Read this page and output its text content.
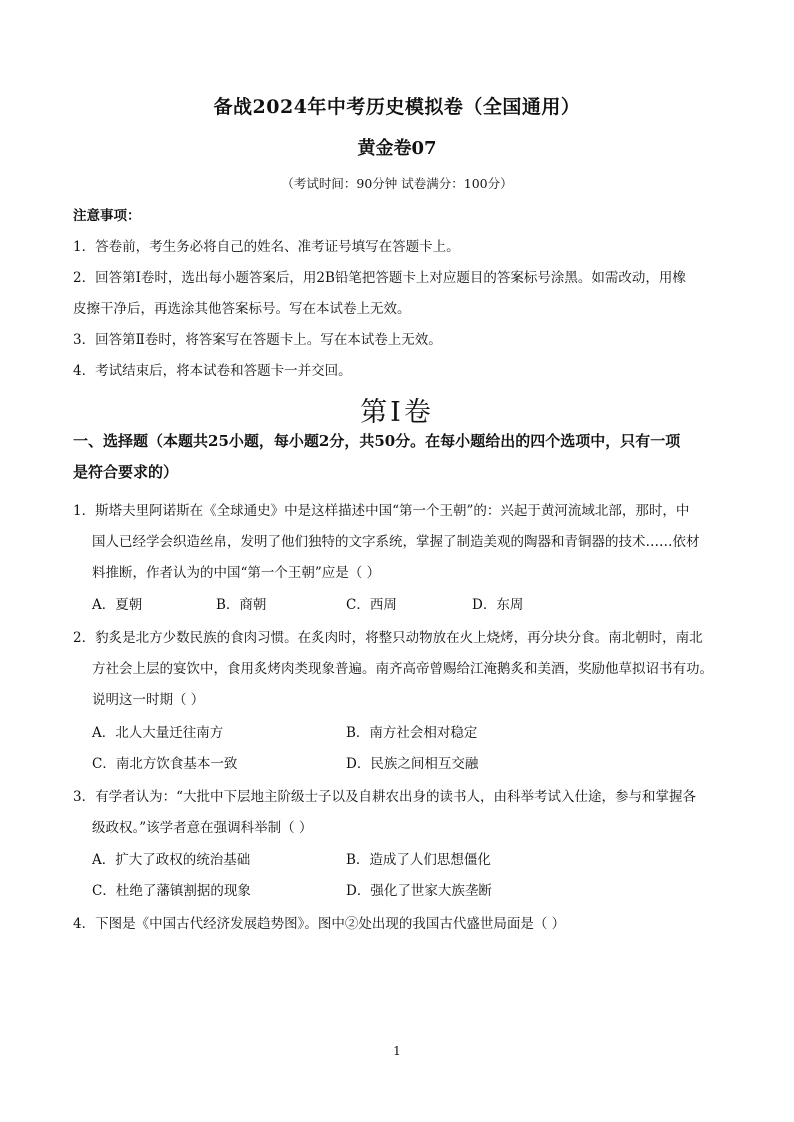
备战2024年中考历史模拟卷（全国通用）
黄金卷07
（考试时间：90分钟 试卷满分：100分）
注意事项：
1．答卷前，考生务必将自己的姓名、准考证号填写在答题卡上。
2．回答第Ⅰ卷时，选出每小题答案后，用2B铅笔把答题卡上对应题目的答案标号涂黑。如需改动，用橡
皮擦干净后，再选涂其他答案标号。写在本试卷上无效。
3．回答第Ⅱ卷时，将答案写在答题卡上。写在本试卷上无效。
4．考试结束后，将本试卷和答题卡一并交回。
第Ⅰ卷
一、选择题（本题共25小题，每小题2分，共50分。在每小题给出的四个选项中，只有一项
是符合要求的）
1．斯塔夫里阿诺斯在《全球通史》中是这样描述中国“第一个王朝”的：兴起于黄河流域北部，那时，中
国人已经学会织造丝帛，发明了他们独特的文字系统，掌握了制造美观的陶器和青铜器的技术……依材
料推断，作者认为的中国“第一个王朝”应是（ ）
A．夏朝	B．商朝	C．西周	D．东周
2．豹炙是北方少数民族的食肉习惯。在炙肉时，将整只动物放在火上烧烤，再分块分食。南北朝时，南北
方社会上层的宴饮中，食用炙烤肉类现象普遍。南齐高帝曾赐给江淹鹅炙和美酒，奖励他草拟诏书有功。
说明这一时期（ ）
A．北人大量迁往南方	B．南方社会相对稳定
C．南北方饮食基本一致	D．民族之间相互交融
3．有学者认为：“大批中下层地主阶级士子以及自耕农出身的读书人，由科举考试入仕途，参与和掌握各
级政权。”该学者意在强调科举制（ ）
A．扩大了政权的统治基础	B．造成了人们思想僵化
C．杜绝了藩镇割据的现象	D．强化了世家大族垄断
4．下图是《中国古代经济发展趋势图》。图中②处出现的我国古代盛世局面是（ ）
1
